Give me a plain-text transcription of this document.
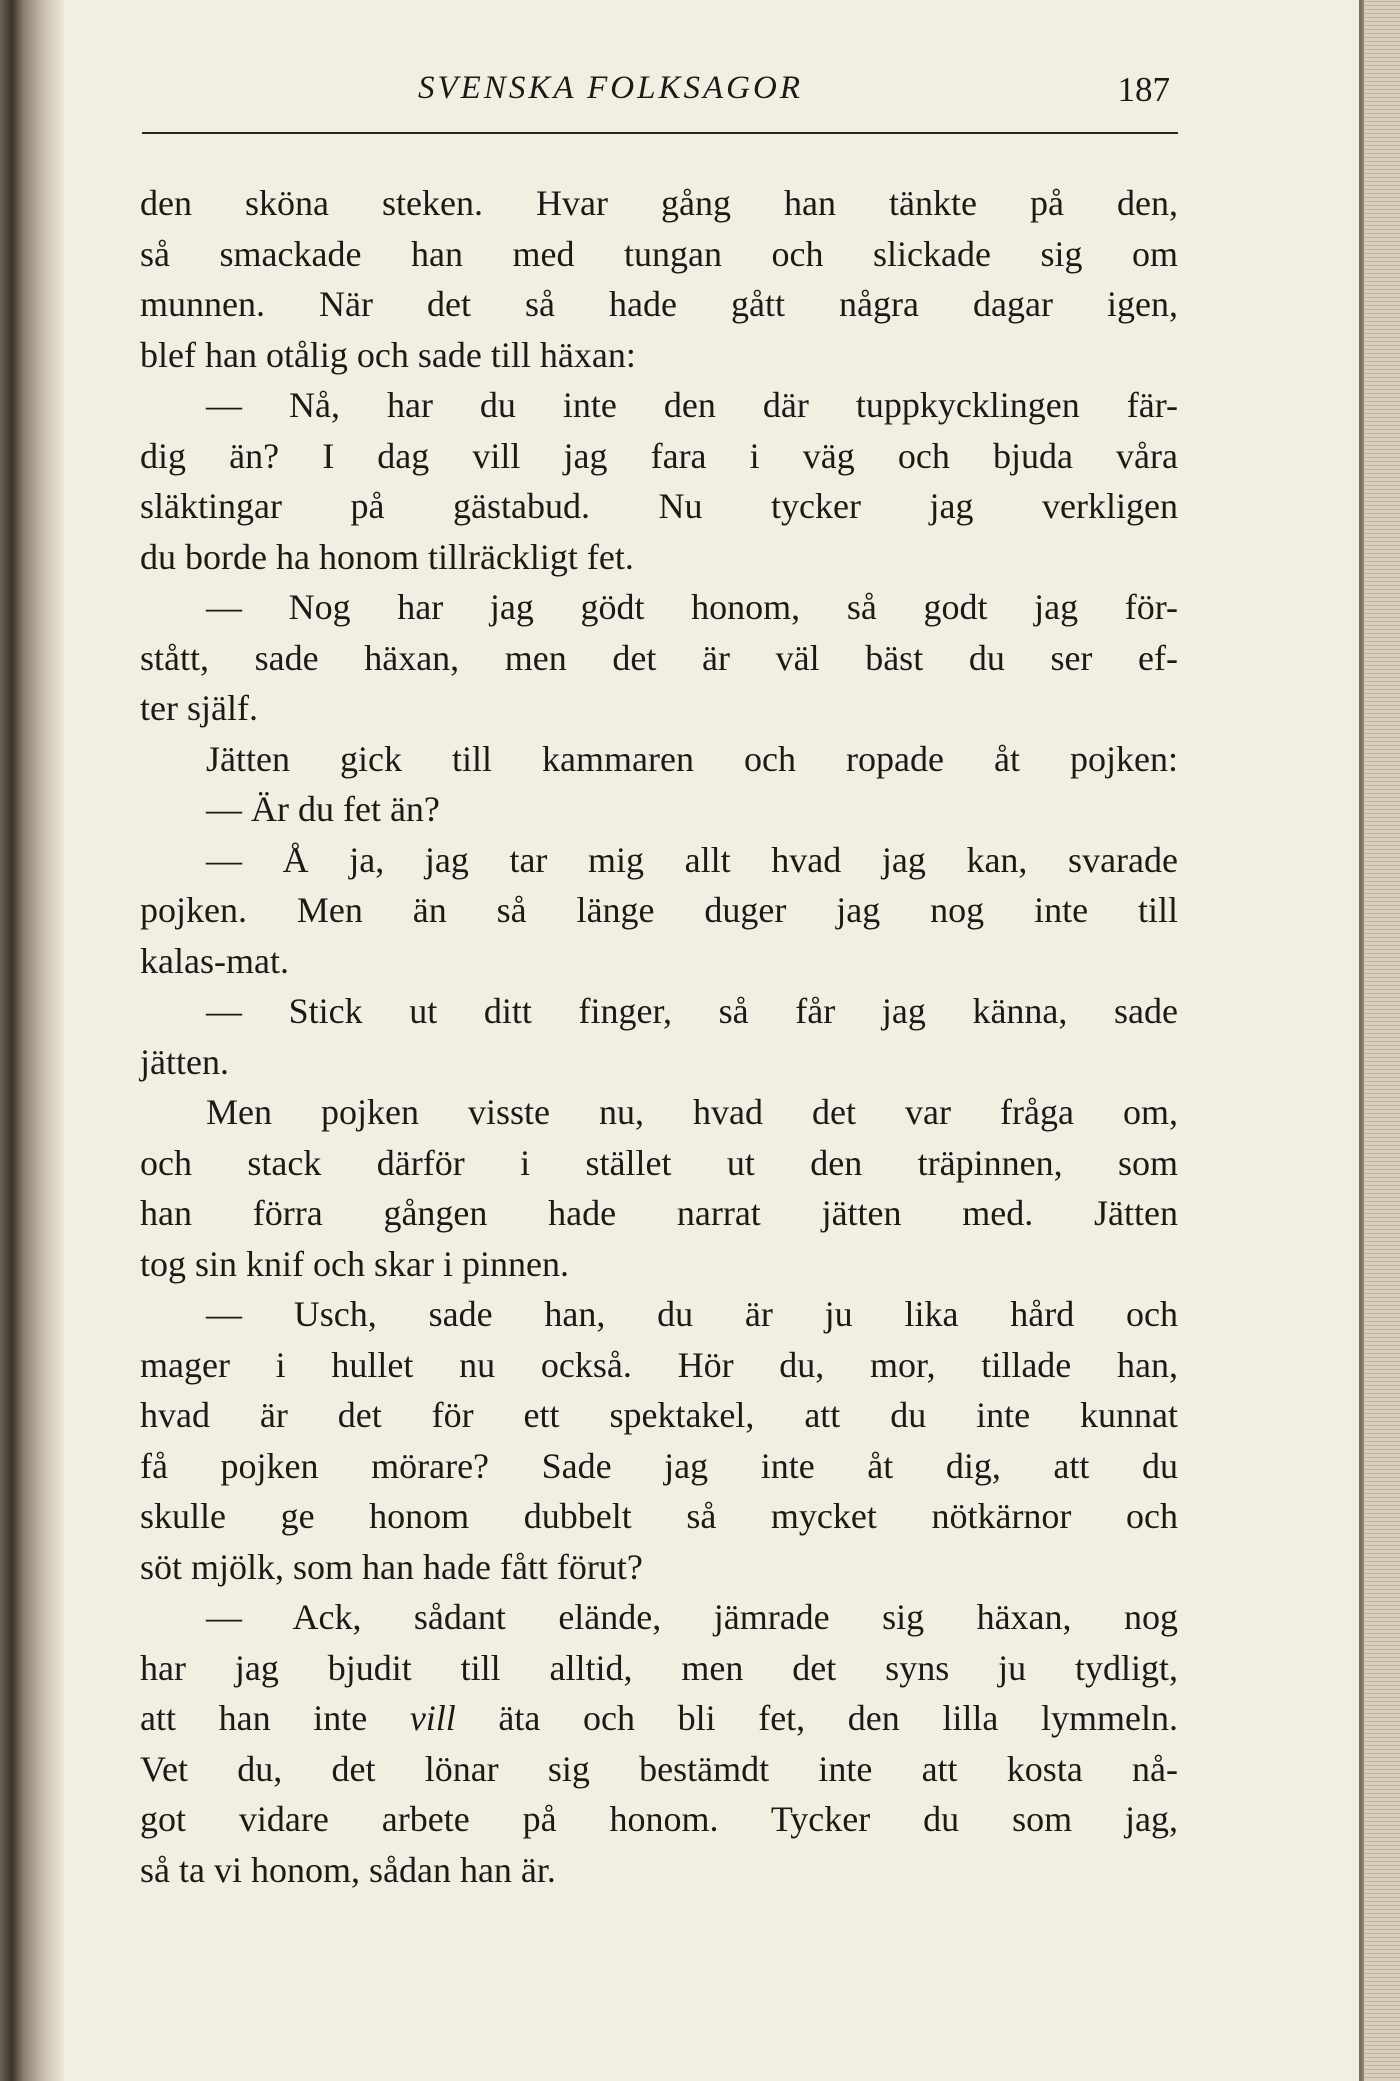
SVENSKA FOLKSAGOR	187
den sköna steken. Hvar gång han tänkte på den,
så smackade han med tungan och slickade sig om
munnen. När det så hade gått några dagar igen,
blef han otålig och sade till häxan:
— Nå, har du inte den där tuppkycklingen fär-
dig än? I dag vill jag fara i väg och bjuda våra
släktingar på gästabud. Nu tycker jag verkligen
du borde ha honom tillräckligt fet.
— Nog har jag gödt honom, så godt jag för-
stått, sade häxan, men det är väl bäst du ser ef-
ter själf.
Jätten gick till kammaren och ropade åt pojken:
— Är du fet än?
— Å ja, jag tar mig allt hvad jag kan, svarade
pojken. Men än så länge duger jag nog inte till
kalas-mat.
— Stick ut ditt finger, så får jag känna, sade
jätten.
Men pojken visste nu, hvad det var fråga om,
och stack därför i stället ut den träpinnen, som
han förra gången hade narrat jätten med. Jätten
tog sin knif och skar i pinnen.
— Usch, sade han, du är ju lika hård och
mager i hullet nu också. Hör du, mor, tillade han,
hvad är det för ett spektakel, att du inte kunnat
få pojken mörare? Sade jag inte åt dig, att du
skulle ge honom dubbelt så mycket nötkärnor och
söt mjölk, som han hade fått förut?
— Ack, sådant elände, jämrade sig häxan, nog
har jag bjudit till alltid, men det syns ju tydligt,
att han inte vill äta och bli fet, den lilla lymmeln.
Vet du, det lönar sig bestämdt inte att kosta nå-
got vidare arbete på honom. Tycker du som jag,
så ta vi honom, sådan han är.
